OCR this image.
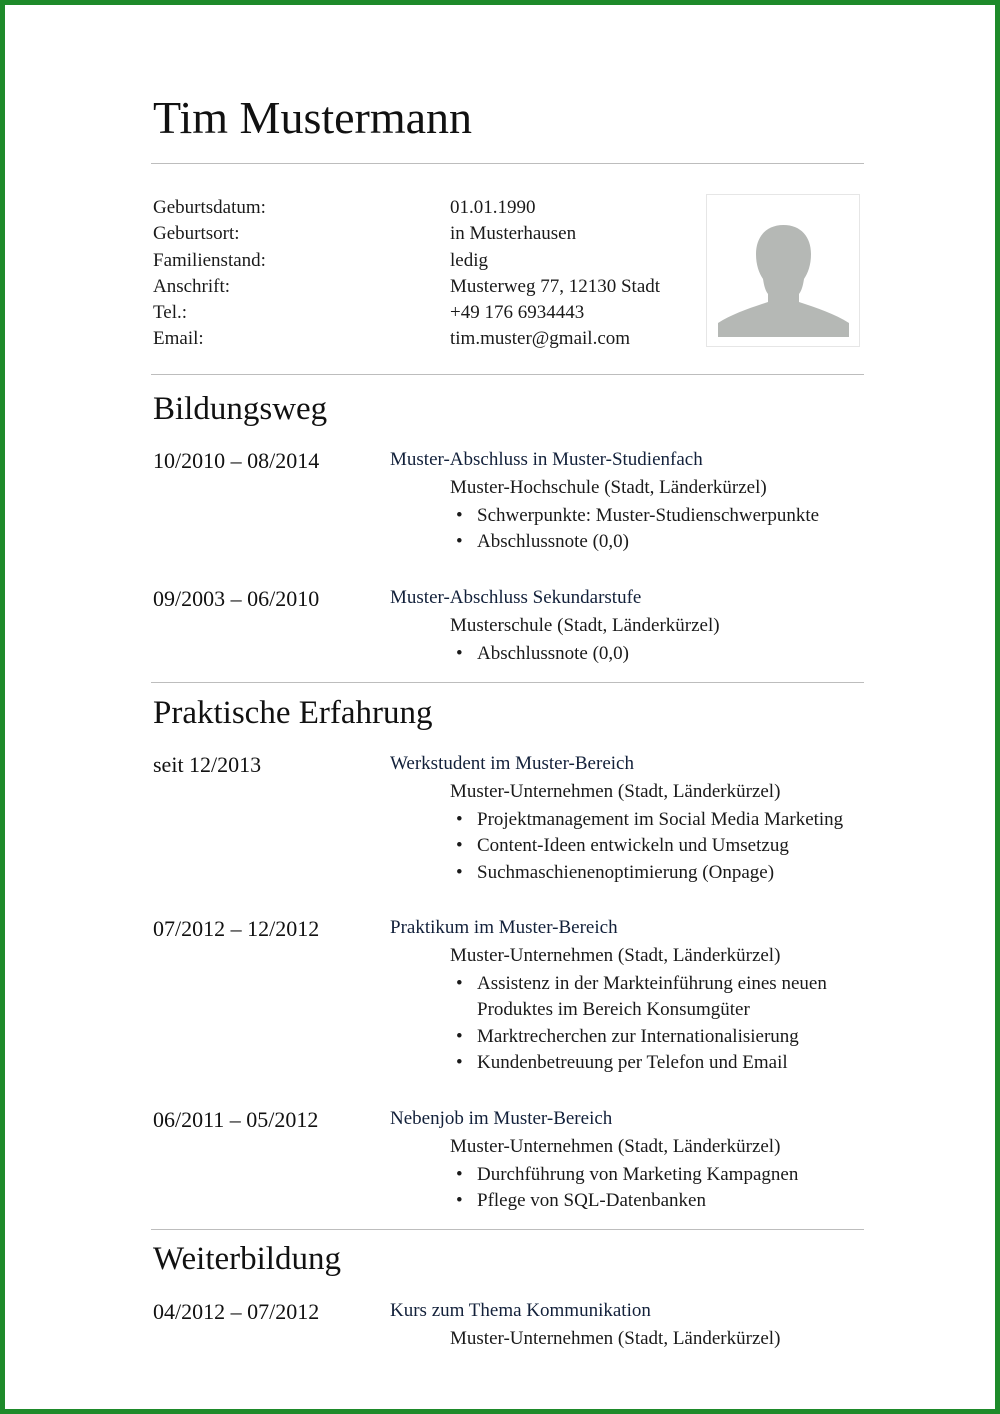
Tim Mustermann
Geburtsdatum:	01.01.1990
Geburtsort:	in Musterhausen
Familienstand:	ledig
Anschrift:	Musterweg 77, 12130 Stadt
Tel.:	+49 176 6934443
Email:	tim.muster@gmail.com
Bildungsweg
10/2010 – 08/2014	Muster-Abschluss in Muster-Studienfach
Muster-Hochschule (Stadt, Länderkürzel)
• Schwerpunkte: Muster-Studienschwerpunkte
• Abschlussnote (0,0)
09/2003 – 06/2010	Muster-Abschluss Sekundarstufe
Musterschule (Stadt, Länderkürzel)
• Abschlussnote (0,0)
Praktische Erfahrung
seit 12/2013	Werkstudent im Muster-Bereich
Muster-Unternehmen (Stadt, Länderkürzel)
• Projektmanagement im Social Media Marketing
• Content-Ideen entwickeln und Umsetzug
• Suchmaschienenoptimierung (Onpage)
07/2012 – 12/2012	Praktikum im Muster-Bereich
Muster-Unternehmen (Stadt, Länderkürzel)
• Assistenz in der Markteinführung eines neuen Produktes im Bereich Konsumgüter
• Marktrecherchen zur Internationalisierung
• Kundenbetreuung per Telefon und Email
06/2011 – 05/2012	Nebenjob im Muster-Bereich
Muster-Unternehmen (Stadt, Länderkürzel)
• Durchführung von Marketing Kampagnen
• Pflege von SQL-Datenbanken
Weiterbildung
04/2012 – 07/2012	Kurs zum Thema Kommunikation
Muster-Unternehmen (Stadt, Länderkürzel)
